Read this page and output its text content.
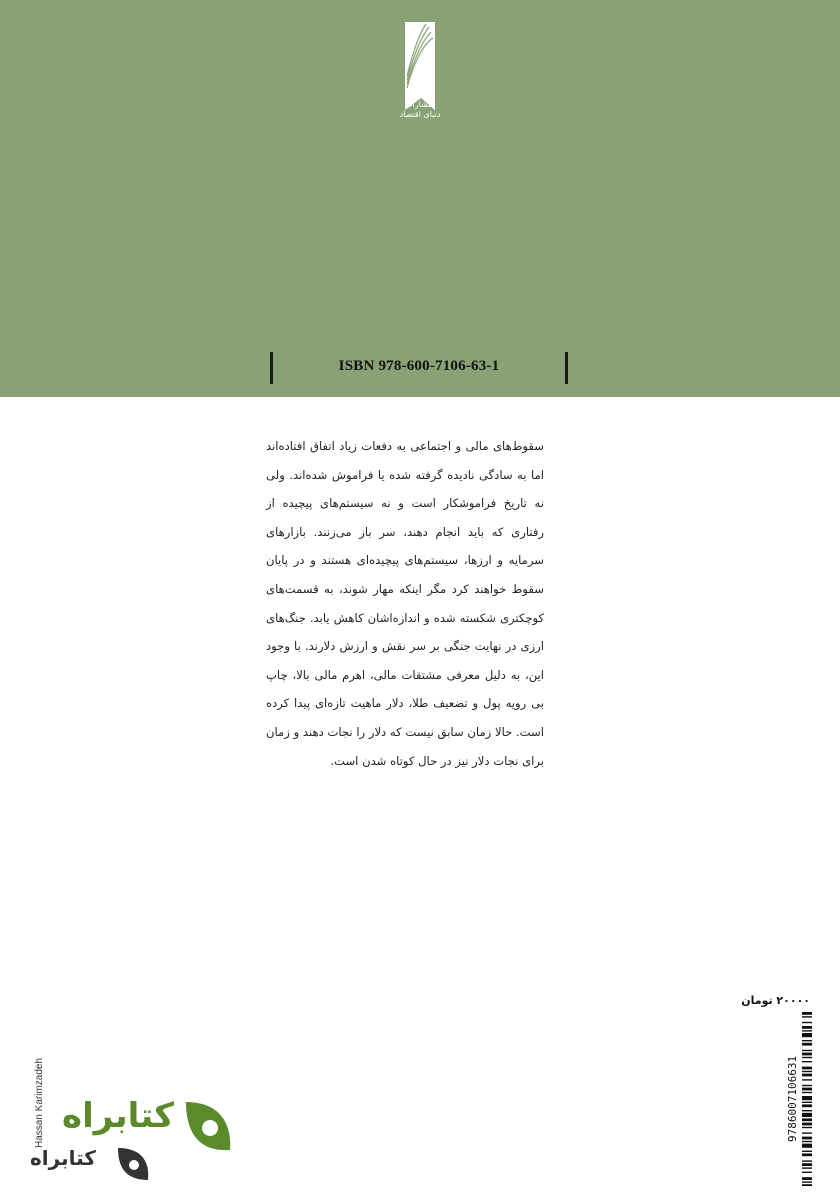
انتشارات
دنیای اقتصاد
ISBN 978-600-7106-63-1

سقوط‌های مالی و اجتماعی به دفعات زیاد اتفاق افتاده‌اند اما به سادگی نادیده گرفته شده یا فراموش شده‌اند. ولی نه تاریخ فراموشکار است و نه سیستم‌های پیچیده از رفتاری که باید انجام دهند، سر باز می‌زنند. بازارهای سرمایه و ارزها، سیستم‌های پیچیده‌ای هستند و در پایان سقوط خواهند کرد مگر اینکه مهار شوند، به قسمت‌های کوچکتری شکسته شده و اندازه‌اشان کاهش یابد. جنگ‌های ارزی در نهایت جنگی بر سر نقش و ارزش دلارند. با وجود این، به دلیل معرفی مشتقات مالی، اهرم مالی بالا، چاپ بی رویه پول و تضعیف طلا، دلار ماهیت تازه‌ای پیدا کرده است. حالا زمان سابق نیست که دلار را نجات دهند و زمان برای نجات دلار نیز در حال کوتاه شدن است.

۲۰۰۰۰ تومان
9786007106631
Hassan Karimzadeh کتابراه
کتابراه
